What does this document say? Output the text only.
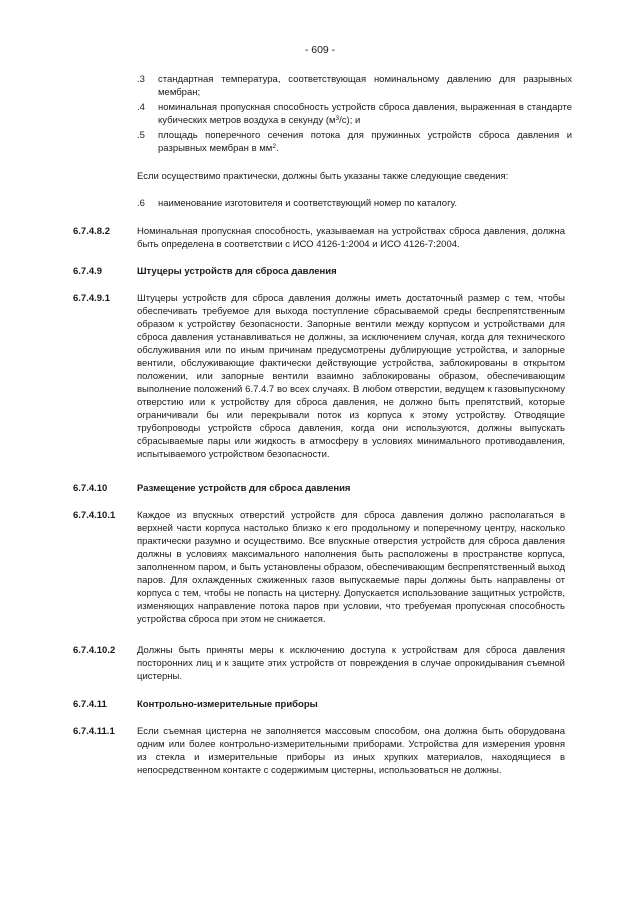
- 609 -
.3 стандартная температура, соответствующая номинальному давлению для разрывных мембран;
.4 номинальная пропускная способность устройств сброса давления, выраженная в стандарте кубических метров воздуха в секунду $(м^3/с)$; и
.5 площадь поперечного сечения потока для пружинных устройств сброса давления и разрывных мембран в $мм^2$.
Если осуществимо практически, должны быть указаны также следующие сведения:
.6 наименование изготовителя и соответствующий номер по каталогу.
6.7.4.8.2	Номинальная пропускная способность, указываемая на устройствах сброса давления, должна быть определена в соответствии с ИСО 4126-1:2004 и ИСО 4126-7:2004.
6.7.4.9	Штуцеры устройств для сброса давления
6.7.4.9.1	Штуцеры устройств для сброса давления должны иметь достаточный размер с тем, чтобы обеспечивать требуемое для выхода поступление сбрасываемой среды беспрепятственным образом к устройству безопасности. Запорные вентили между корпусом и устройствами для сброса давления устанавливаться не должны, за исключением случая, когда для технического обслуживания или по иным причинам предусмотрены дублирующие устройства, и запорные вентили, обслуживающие фактически действующие устройства, заблокированы в открытом положении, или запорные вентили взаимно заблокированы образом, обеспечивающим выполнение положений 6.7.4.7 во всех случаях. В любом отверстии, ведущем к газовыпускному отверстию или к устройству для сброса давления, не должно быть препятствий, которые ограничивали бы или перекрывали поток из корпуса к этому устройству. Отводящие трубопроводы устройств сброса давления, когда они используются, должны выпускать сбрасываемые пары или жидкость в атмосферу в условиях минимального противодавления, испытываемого устройством безопасности.
6.7.4.10	Размещение устройств для сброса давления
6.7.4.10.1 Каждое из впускных отверстий устройств для сброса давления должно располагаться в верхней части корпуса настолько близко к его продольному и поперечному центру, насколько практически разумно и осуществимо. Все впускные отверстия устройств для сброса давления должны в условиях максимального наполнения быть расположены в пространстве корпуса, заполненном паром, и быть установлены образом, обеспечивающим беспрепятственный выход паров. Для охлажденных сжиженных газов выпускаемые пары должны быть направлены от корпуса с тем, чтобы не попасть на цистерну. Допускается использование защитных устройств, изменяющих направление потока паров при условии, что требуемая пропускная способность устройства сброса при этом не снижается.
6.7.4.10.2 Должны быть приняты меры к исключению доступа к устройствам для сброса давления посторонних лиц и к защите этих устройств от повреждения в случае опрокидывания съемной цистерны.
6.7.4.11	Контрольно-измерительные приборы
6.7.4.11.1 Если съемная цистерна не заполняется массовым способом, она должна быть оборудована одним или более контрольно-измерительными приборами. Устройства для измерения уровня из стекла и измерительные приборы из иных хрупких материалов, находящиеся в непосредственном контакте с содержимым цистерны, использоваться не должны.
